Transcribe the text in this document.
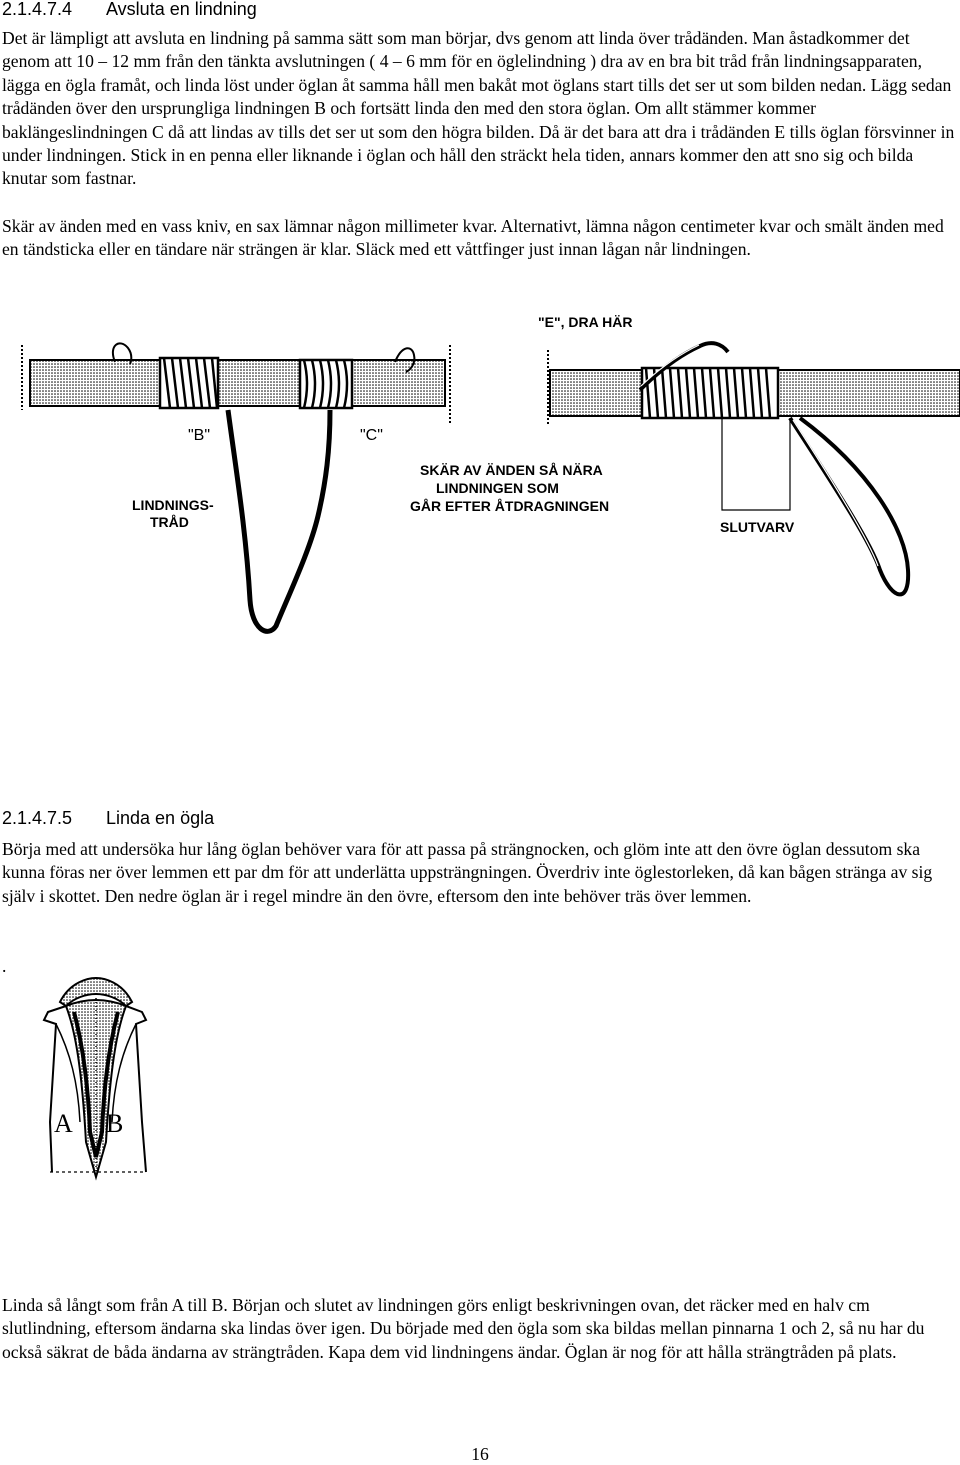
2.1.4.7.4 Avsluta en lindning

Det är lämpligt att avsluta en lindning på samma sätt som man börjar, dvs genom att linda över trådänden. Man åstadkommer det genom att 10 – 12 mm från den tänkta avslutningen ( 4 – 6 mm för en öglelindning ) dra av en bra bit tråd från lindningsapparaten, lägga en ögla framåt, och linda löst under öglan åt samma håll men bakåt mot öglans start tills det ser ut som bilden nedan. Lägg sedan trådänden över den ursprungliga lindningen B och fortsätt linda den med den stora öglan. Om allt stämmer kommer baklängeslindningen C då att lindas av tills det ser ut som den högra bilden. Då är det bara att dra i trådänden E tills öglan försvinner in under lindningen. Stick in en penna eller liknande i öglan och håll den sträckt hela tiden, annars kommer den att sno sig och bilda knutar som fastnar.

Skär av änden med en vass kniv, en sax lämnar någon millimeter kvar. Alternativt, lämna någon centimeter kvar och smält änden med en tändsticka eller en tändare när strängen är klar. Släck med ett våttfinger just innan lågan når lindningen.

"B"	"C"
"E", DRA HÄR
LINDNINGS-
TRÅD
SKÄR AV ÄNDEN SÅ NÄRA
LINDNINGEN SOM
GÅR EFTER ÅTDRAGNINGEN
SLUTVARV
2.1.4.7.5 Linda en ögla

Börja med att undersöka hur lång öglan behöver vara för att passa på strängnocken, och glöm inte att den övre öglan dessutom ska kunna föras ner över lemmen ett par dm för att underlätta uppsträngningen. Överdriv inte öglestorleken, då kan bågen stränga av sig själv i skottet. Den nedre öglan är i regel mindre än den övre, eftersom den inte behöver träs över lemmen.

.

A B

Linda så långt som från A till B. Början och slutet av lindningen görs enligt beskrivningen ovan, det räcker med en halv cm slutlindning, eftersom ändarna ska lindas över igen. Du började med den ögla som ska bildas mellan pinnarna 1 och 2, så nu har du också säkrat de båda ändarna av strängtråden. Kapa dem vid lindningens ändar. Öglan är nog för att hålla strängtråden på plats.

16
